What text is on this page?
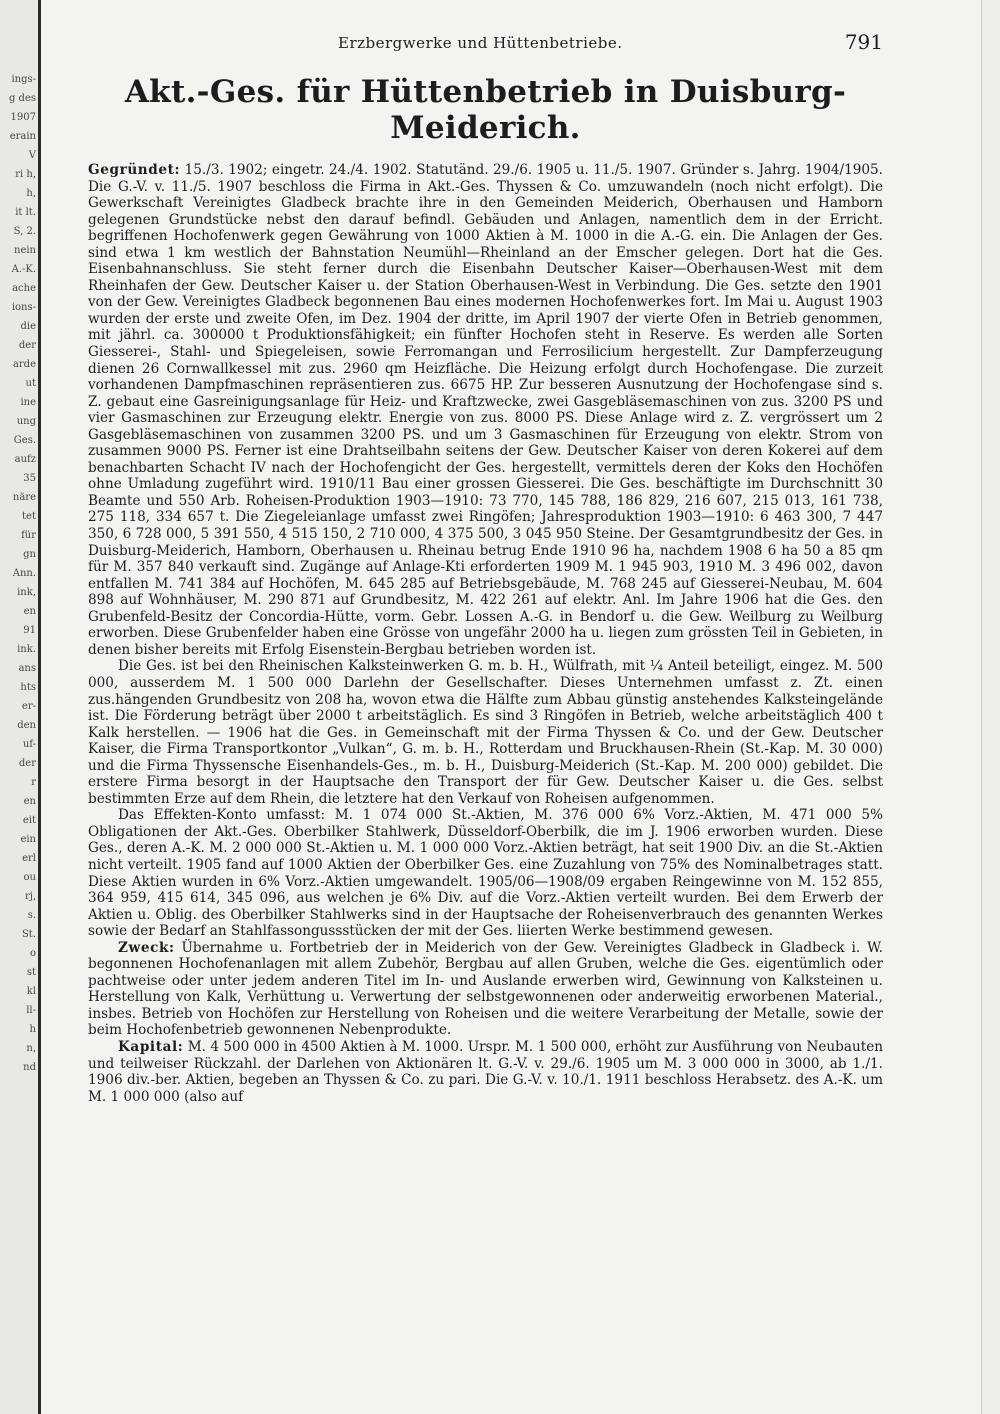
ings-
g des
1907
erain
V
ri h,
h,
it lt.
S, 2.
nein
A.-K.
ache
ions-
die
der
arde
ut
ine
ung
Ges.
aufz
35
näre
tet
für
gn
Ann.
ink,
en
91
ink.
ans
hts
er-
den
uf-
der
r
en
eit
ein
erl
ou
rj,
s.
St.
o
st
kl
ll-
h
n,
nd
Erzbergwerke und Hüttenbetriebe.	791
Akt.-Ges. für Hüttenbetrieb in Duisburg-Meiderich.

Gegründet: 15./3. 1902; eingetr. 24./4. 1902. Statutänd. 29./6. 1905 u. 11./5. 1907. Gründer s. Jahrg. 1904/1905. Die G.-V. v. 11./5. 1907 beschloss die Firma in Akt.-Ges. Thyssen & Co. umzuwandeln (noch nicht erfolgt). Die Gewerkschaft Vereinigtes Gladbeck brachte ihre in den Gemeinden Meiderich, Oberhausen und Hamborn gelegenen Grundstücke nebst den darauf befindl. Gebäuden und Anlagen, namentlich dem in der Erricht. begriffenen Hochofenwerk gegen Gewährung von 1000 Aktien à M. 1000 in die A.-G. ein. Die Anlagen der Ges. sind etwa 1 km westlich der Bahnstation Neumühl—Rheinland an der Emscher gelegen. Dort hat die Ges. Eisenbahnanschluss. Sie steht ferner durch die Eisenbahn Deutscher Kaiser—Oberhausen-West mit dem Rheinhafen der Gew. Deutscher Kaiser u. der Station Oberhausen-West in Verbindung. Die Ges. setzte den 1901 von der Gew. Vereinigtes Gladbeck begonnenen Bau eines modernen Hochofenwerkes fort. Im Mai u. August 1903 wurden der erste und zweite Ofen, im Dez. 1904 der dritte, im April 1907 der vierte Ofen in Betrieb genommen, mit jährl. ca. 300000 t Produktionsfähigkeit; ein fünfter Hochofen steht in Reserve. Es werden alle Sorten Giesserei-, Stahl- und Spiegeleisen, sowie Ferromangan und Ferrosilicium hergestellt. Zur Dampferzeugung dienen 26 Cornwallkessel mit zus. 2960 qm Heizfläche. Die Heizung erfolgt durch Hochofengase. Die zurzeit vorhandenen Dampfmaschinen repräsentieren zus. 6675 HP. Zur besseren Ausnutzung der Hochofengase sind s. Z. gebaut eine Gasreinigungsanlage für Heiz- und Kraftzwecke, zwei Gasgebläsemaschinen von zus. 3200 PS und vier Gasmaschinen zur Erzeugung elektr. Energie von zus. 8000 PS. Diese Anlage wird z. Z. vergrössert um 2 Gasgebläsemaschinen von zusammen 3200 PS. und um 3 Gasmaschinen für Erzeugung von elektr. Strom von zusammen 9000 PS. Ferner ist eine Drahtseilbahn seitens der Gew. Deutscher Kaiser von deren Kokerei auf dem benachbarten Schacht IV nach der Hochofengicht der Ges. hergestellt, vermittels deren der Koks den Hochöfen ohne Umladung zugeführt wird. 1910/11 Bau einer grossen Giesserei. Die Ges. beschäftigte im Durchschnitt 30 Beamte und 550 Arb. Roheisen-Produktion 1903—1910: 73 770, 145 788, 186 829, 216 607, 215 013, 161 738, 275 118, 334 657 t. Die Ziegeleianlage umfasst zwei Ringöfen; Jahresproduktion 1903—1910: 6 463 300, 7 447 350, 6 728 000, 5 391 550, 4 515 150, 2 710 000, 4 375 500, 3 045 950 Steine. Der Gesamtgrundbesitz der Ges. in Duisburg-Meiderich, Hamborn, Oberhausen u. Rheinau betrug Ende 1910 96 ha, nachdem 1908 6 ha 50 a 85 qm für M. 357 840 verkauft sind. Zugänge auf Anlage-Kti erforderten 1909 M. 1 945 903, 1910 M. 3 496 002, davon entfallen M. 741 384 auf Hochöfen, M. 645 285 auf Betriebsgebäude, M. 768 245 auf Giesserei-Neubau, M. 604 898 auf Wohnhäuser, M. 290 871 auf Grundbesitz, M. 422 261 auf elektr. Anl. Im Jahre 1906 hat die Ges. den Grubenfeld-Besitz der Concordia-Hütte, vorm. Gebr. Lossen A.-G. in Bendorf u. die Gew. Weilburg zu Weilburg erworben. Diese Grubenfelder haben eine Grösse von ungefähr 2000 ha u. liegen zum grössten Teil in Gebieten, in denen bisher bereits mit Erfolg Eisenstein-Bergbau betrieben worden ist.

Die Ges. ist bei den Rheinischen Kalksteinwerken G. m. b. H., Wülfrath, mit ¼ Anteil beteiligt, eingez. M. 500 000, ausserdem M. 1 500 000 Darlehn der Gesellschafter. Dieses Unternehmen umfasst z. Zt. einen zus.hängenden Grundbesitz von 208 ha, wovon etwa die Hälfte zum Abbau günstig anstehendes Kalksteingelände ist. Die Förderung beträgt über 2000 t arbeitstäglich. Es sind 3 Ringöfen in Betrieb, welche arbeitstäglich 400 t Kalk herstellen. — 1906 hat die Ges. in Gemeinschaft mit der Firma Thyssen & Co. und der Gew. Deutscher Kaiser, die Firma Transportkontor „Vulkan“, G. m. b. H., Rotterdam und Bruckhausen-Rhein (St.-Kap. M. 30 000) und die Firma Thyssensche Eisenhandels-Ges., m. b. H., Duisburg-Meiderich (St.-Kap. M. 200 000) gebildet. Die erstere Firma besorgt in der Hauptsache den Transport der für Gew. Deutscher Kaiser u. die Ges. selbst bestimmten Erze auf dem Rhein, die letztere hat den Verkauf von Roheisen aufgenommen.

Das Effekten-Konto umfasst: M. 1 074 000 St.-Aktien, M. 376 000 6% Vorz.-Aktien, M. 471 000 5% Obligationen der Akt.-Ges. Oberbilker Stahlwerk, Düsseldorf-Oberbilk, die im J. 1906 erworben wurden. Diese Ges., deren A.-K. M. 2 000 000 St.-Aktien u. M. 1 000 000 Vorz.-Aktien beträgt, hat seit 1900 Div. an die St.-Aktien nicht verteilt. 1905 fand auf 1000 Aktien der Oberbilker Ges. eine Zuzahlung von 75% des Nominalbetrages statt. Diese Aktien wurden in 6% Vorz.-Aktien umgewandelt. 1905/06—1908/09 ergaben Reingewinne von M. 152 855, 364 959, 415 614, 345 096, aus welchen je 6% Div. auf die Vorz.-Aktien verteilt wurden. Bei dem Erwerb der Aktien u. Oblig. des Oberbilker Stahlwerks sind in der Hauptsache der Roheisenverbrauch des genannten Werkes sowie der Bedarf an Stahlfassongussstücken der mit der Ges. liierten Werke bestimmend gewesen.

Zweck: Übernahme u. Fortbetrieb der in Meiderich von der Gew. Vereinigtes Gladbeck in Gladbeck i. W. begonnenen Hochofenanlagen mit allem Zubehör, Bergbau auf allen Gruben, welche die Ges. eigentümlich oder pachtweise oder unter jedem anderen Titel im In- und Auslande erwerben wird, Gewinnung von Kalksteinen u. Herstellung von Kalk, Verhüttung u. Verwertung der selbstgewonnenen oder anderweitig erworbenen Material., insbes. Betrieb von Hochöfen zur Herstellung von Roheisen und die weitere Verarbeitung der Metalle, sowie der beim Hochofenbetrieb gewonnenen Nebenprodukte.

Kapital: M. 4 500 000 in 4500 Aktien à M. 1000. Urspr. M. 1 500 000, erhöht zur Ausführung von Neubauten und teilweiser Rückzahl. der Darlehen von Aktionären lt. G.-V. v. 29./6. 1905 um M. 3 000 000 in 3000, ab 1./1. 1906 div.-ber. Aktien, begeben an Thyssen & Co. zu pari. Die G.-V. v. 10./1. 1911 beschloss Herabsetz. des A.-K. um M. 1 000 000 (also auf
